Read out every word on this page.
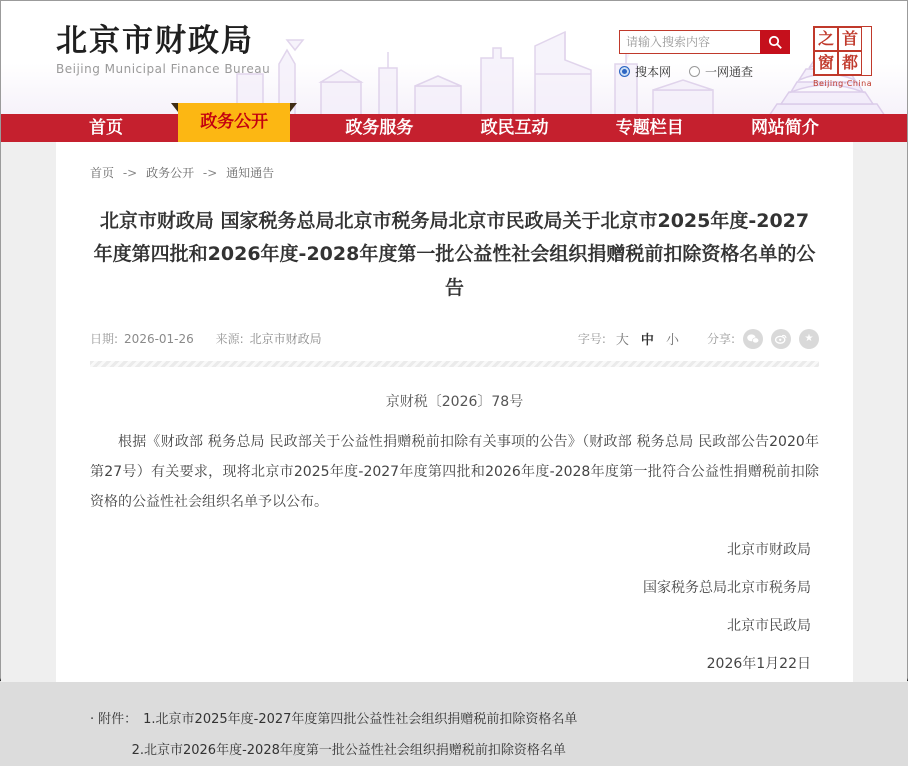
北京市财政局
Beijing Municipal Finance Bureau
请输入搜索内容	搜本网	一网通查
之 首
窗 都
Beijing·China
首页	政务公开	政务服务	政民互动	专题栏目	网站简介
首页 -> 政务公开 -> 通知通告
北京市财政局 国家税务总局北京市税务局北京市民政局关于北京市2025年度-2027年度第四批和2026年度-2028年度第一批公益性社会组织捐赠税前扣除资格名单的公告
日期: 2026-01-26 来源: 北京市财政局	字号: 大 中 小 分享:	★
京财税〔2026〕78号

根据《财政部 税务总局 民政部关于公益性捐赠税前扣除有关事项的公告》（财政部 税务总局 民政部公告2020年第27号）有关要求，现将北京市2025年度-2027年度第四批和2026年度-2028年度第一批符合公益性捐赠税前扣除资格的公益性社会组织名单予以公布。

北京市财政局
国家税务总局北京市税务局
北京市民政局
2026年1月22日
· 附件： 1.北京市2025年度-2027年度第四批公益性社会组织捐赠税前扣除资格名单
2.北京市2026年度-2028年度第一批公益性社会组织捐赠税前扣除资格名单
